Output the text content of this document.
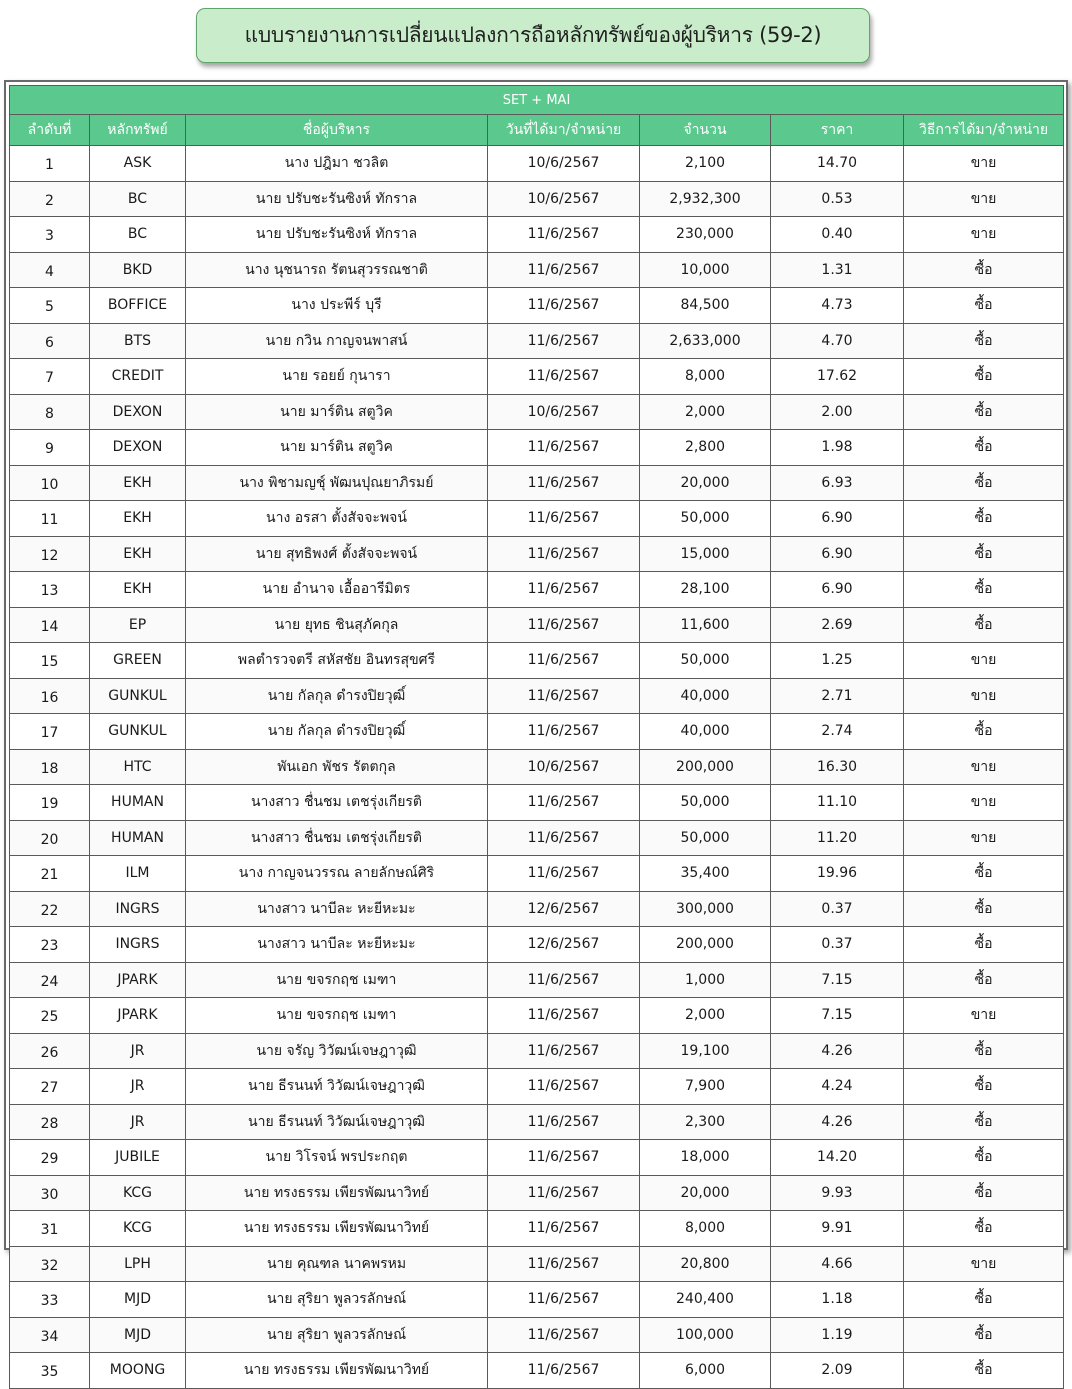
แบบรายงานการเปลี่ยนแปลงการถือหลักทรัพย์ของผู้บริหาร (59-2)
SET + MAI						
ลำดับที่	หลักทรัพย์	ชื่อผู้บริหาร	วันที่ได้มา/จำหน่าย	จำนวน	ราคา	วิธีการได้มา/จำหน่าย
1	ASK	นาง ปฎิมา ชวลิต	10/6/2567	2,100	14.70	ขาย
2	BC	นาย ปรับชะรันซิงห์ ทักราล	10/6/2567	2,932,300	0.53	ขาย
3	BC	นาย ปรับชะรันซิงห์ ทักราล	11/6/2567	230,000	0.40	ขาย
4	BKD	นาง นุชนารถ รัตนสุวรรณชาติ	11/6/2567	10,000	1.31	ซื้อ
5	BOFFICE	นาง ประพีร์ บุรี	11/6/2567	84,500	4.73	ซื้อ
6	BTS	นาย กวิน กาญจนพาสน์	11/6/2567	2,633,000	4.70	ซื้อ
7	CREDIT	นาย รอยย์ กุนารา	11/6/2567	8,000	17.62	ซื้อ
8	DEXON	นาย มาร์ติน สตูวิค	10/6/2567	2,000	2.00	ซื้อ
9	DEXON	นาย มาร์ติน สตูวิค	11/6/2567	2,800	1.98	ซื้อ
10	EKH	นาง พิชามญชุ์ พัฒนปุณยาภิรมย์	11/6/2567	20,000	6.93	ซื้อ
11	EKH	นาง อรสา ตั้งสัจจะพจน์	11/6/2567	50,000	6.90	ซื้อ
12	EKH	นาย สุทธิพงศ์ ตั้งสัจจะพจน์	11/6/2567	15,000	6.90	ซื้อ
13	EKH	นาย อำนาจ เอื้ออารีมิตร	11/6/2567	28,100	6.90	ซื้อ
14	EP	นาย ยุทธ ชินสุภัคกุล	11/6/2567	11,600	2.69	ซื้อ
15	GREEN	พลตำรวจตรี สหัสชัย อินทรสุขศรี	11/6/2567	50,000	1.25	ขาย
16	GUNKUL	นาย กัลกุล ดำรงปิยวุฒิ์	11/6/2567	40,000	2.71	ขาย
17	GUNKUL	นาย กัลกุล ดำรงปิยวุฒิ์	11/6/2567	40,000	2.74	ซื้อ
18	HTC	พันเอก พัชร รัตตกุล	10/6/2567	200,000	16.30	ขาย
19	HUMAN	นางสาว ชื่นชม เตชรุ่งเกียรติ	11/6/2567	50,000	11.10	ขาย
20	HUMAN	นางสาว ชื่นชม เตชรุ่งเกียรติ	11/6/2567	50,000	11.20	ขาย
21	ILM	นาง กาญจนวรรณ ลายลักษณ์ศิริ	11/6/2567	35,400	19.96	ซื้อ
22	INGRS	นางสาว นาบีละ หะยีหะมะ	12/6/2567	300,000	0.37	ซื้อ
23	INGRS	นางสาว นาบีละ หะยีหะมะ	12/6/2567	200,000	0.37	ซื้อ
24	JPARK	นาย ขจรกฤช เมฑา	11/6/2567	1,000	7.15	ซื้อ
25	JPARK	นาย ขจรกฤช เมฑา	11/6/2567	2,000	7.15	ขาย
26	JR	นาย จรัญ วิวัฒน์เจษฎาวุฒิ	11/6/2567	19,100	4.26	ซื้อ
27	JR	นาย ธีรนนท์ วิวัฒน์เจษฎาวุฒิ	11/6/2567	7,900	4.24	ซื้อ
28	JR	นาย ธีรนนท์ วิวัฒน์เจษฎาวุฒิ	11/6/2567	2,300	4.26	ซื้อ
29	JUBILE	นาย วิโรจน์ พรประกฤต	11/6/2567	18,000	14.20	ซื้อ
30	KCG	นาย ทรงธรรม เพียรพัฒนาวิทย์	11/6/2567	20,000	9.93	ซื้อ
31	KCG	นาย ทรงธรรม เพียรพัฒนาวิทย์	11/6/2567	8,000	9.91	ซื้อ
32	LPH	นาย คุณฑล นาคพรหม	11/6/2567	20,800	4.66	ขาย
33	MJD	นาย สุริยา พูลวรลักษณ์	11/6/2567	240,400	1.18	ซื้อ
34	MJD	นาย สุริยา พูลวรลักษณ์	11/6/2567	100,000	1.19	ซื้อ
35	MOONG	นาย ทรงธรรม เพียรพัฒนาวิทย์	11/6/2567	6,000	2.09	ซื้อ
